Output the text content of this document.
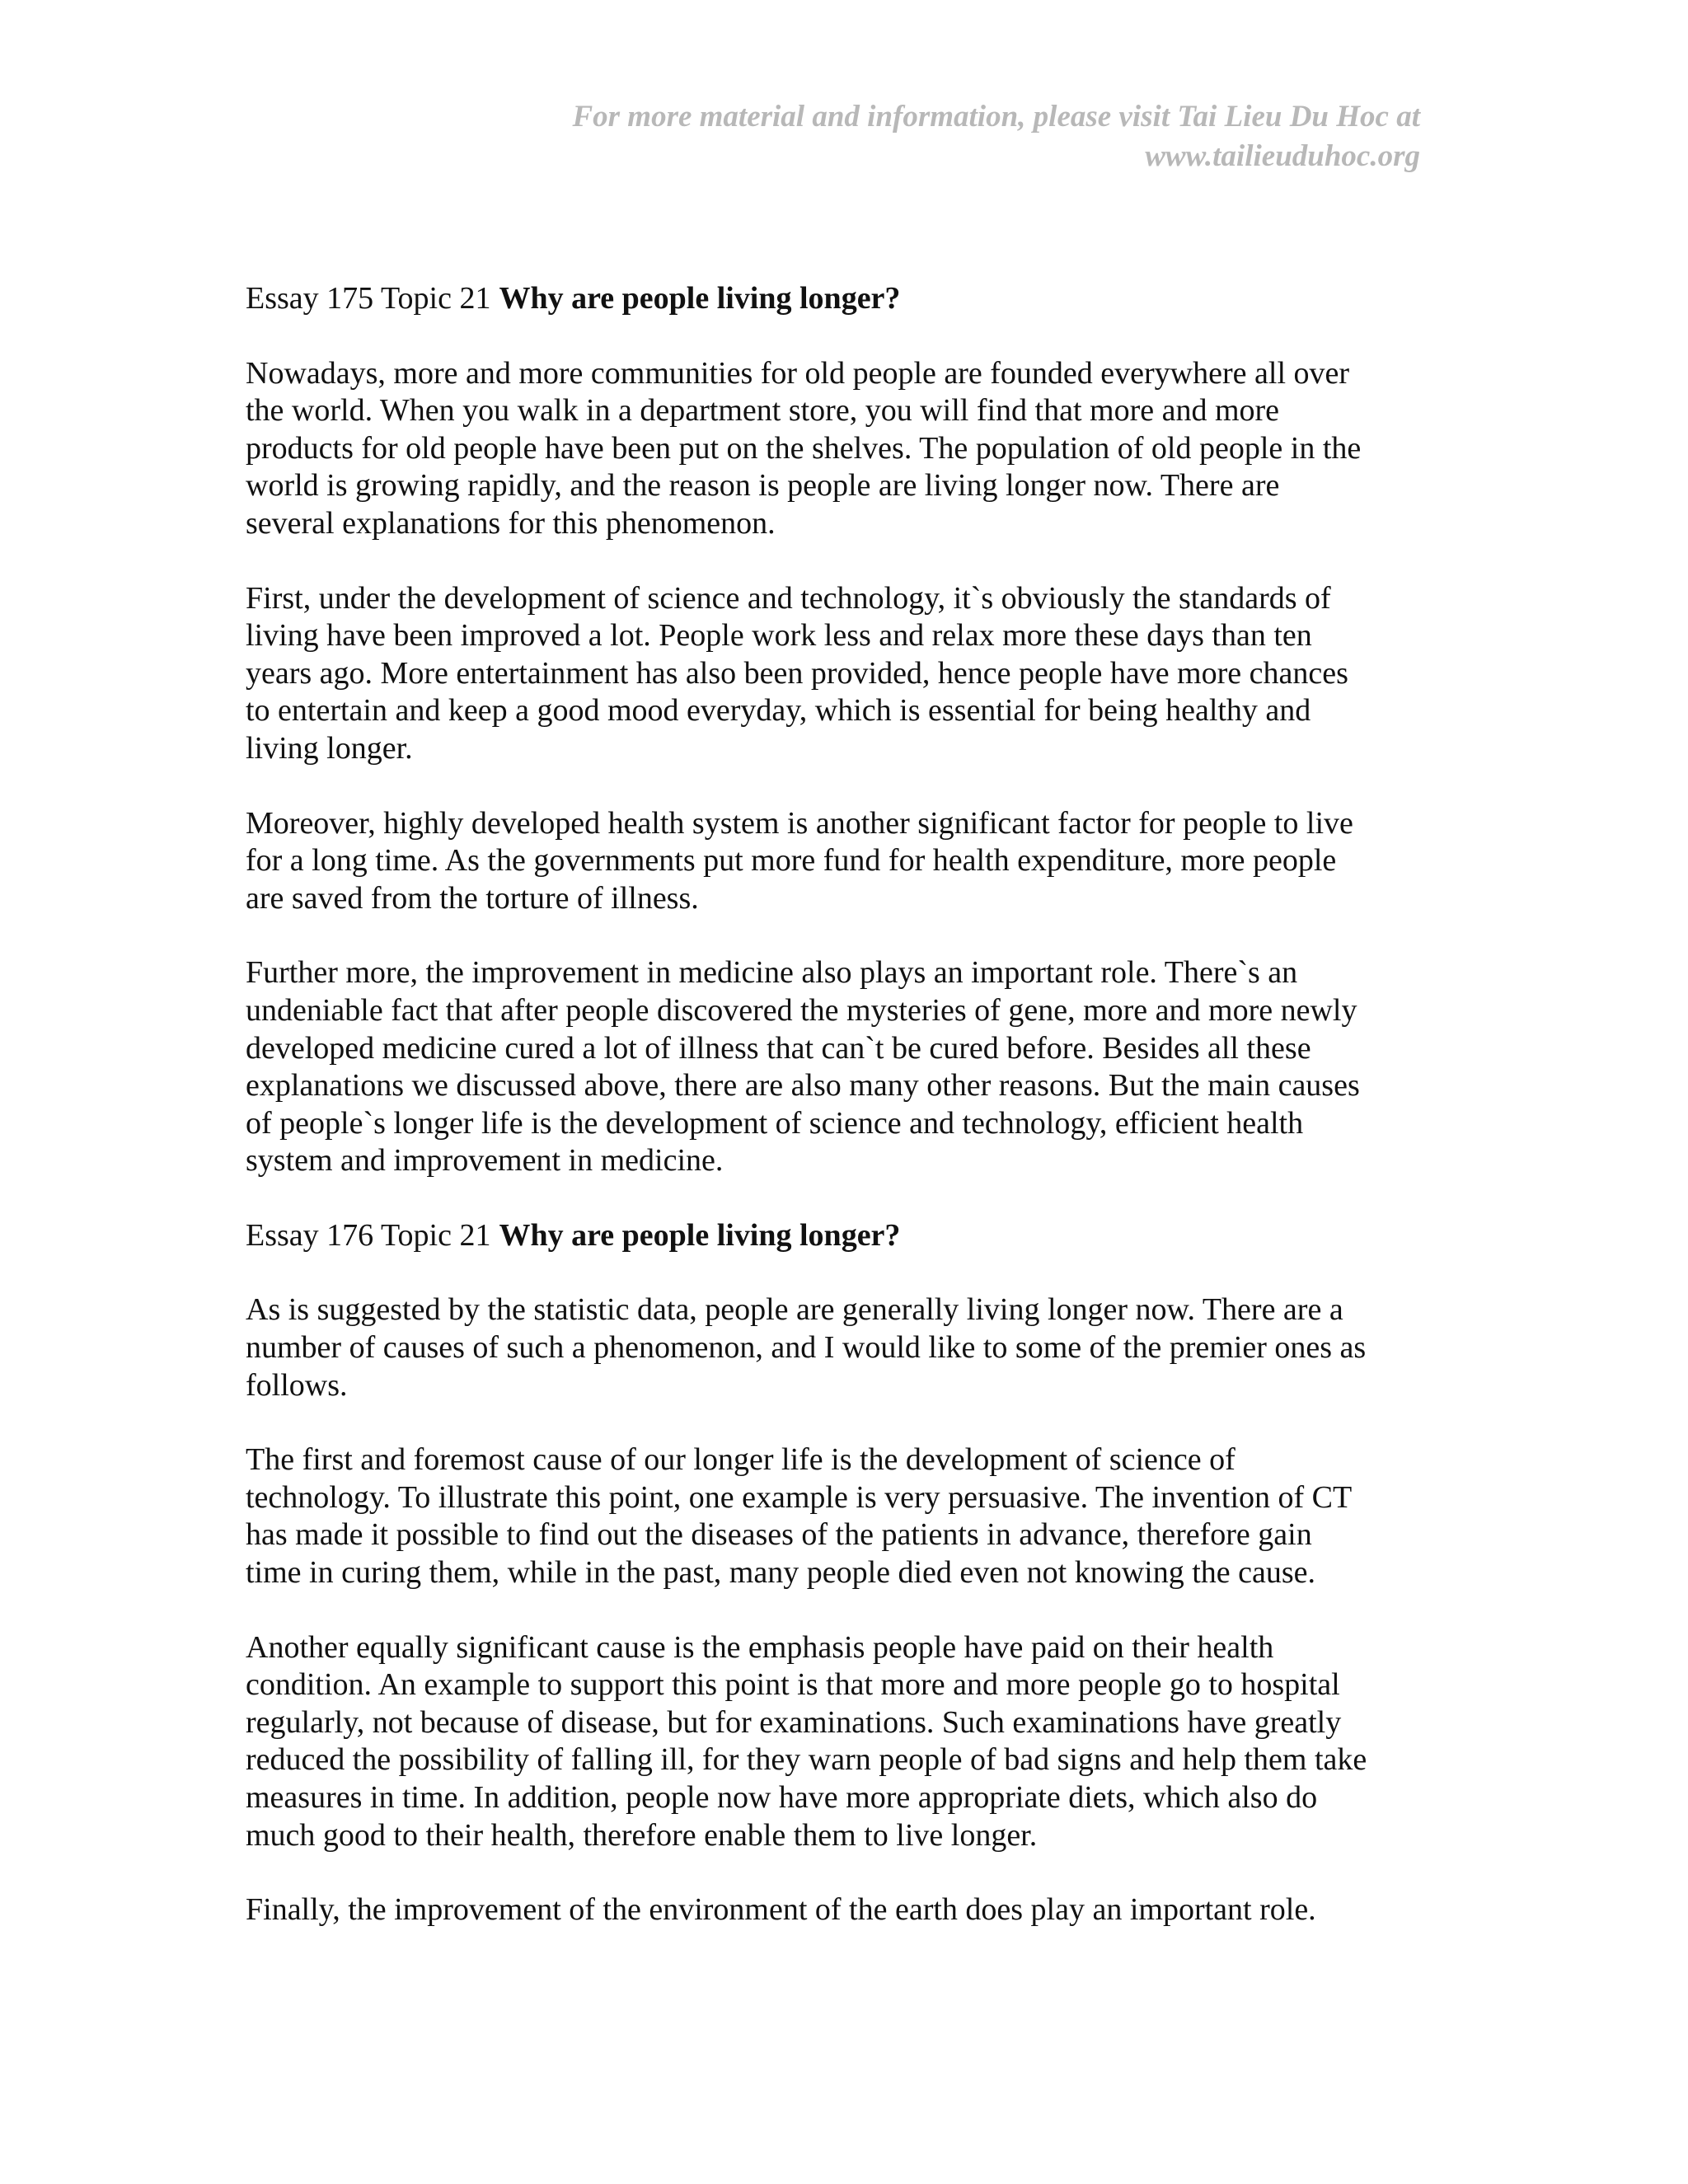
For more material and information, please visit Tai Lieu Du Hoc at
www.tailieuduhoc.org

Essay 175 Topic 21 Why are people living longer?

Nowadays, more and more communities for old people are founded everywhere all over
the world. When you walk in a department store, you will find that more and more
products for old people have been put on the shelves. The population of old people in the
world is growing rapidly, and the reason is people are living longer now. There are
several explanations for this phenomenon.

First, under the development of science and technology, it`s obviously the standards of
living have been improved a lot. People work less and relax more these days than ten
years ago. More entertainment has also been provided, hence people have more chances
to entertain and keep a good mood everyday, which is essential for being healthy and
living longer.

Moreover, highly developed health system is another significant factor for people to live
for a long time. As the governments put more fund for health expenditure, more people
are saved from the torture of illness.

Further more, the improvement in medicine also plays an important role. There`s an
undeniable fact that after people discovered the mysteries of gene, more and more newly
developed medicine cured a lot of illness that can`t be cured before. Besides all these
explanations we discussed above, there are also many other reasons. But the main causes
of people`s longer life is the development of science and technology, efficient health
system and improvement in medicine.

Essay 176 Topic 21 Why are people living longer?

As is suggested by the statistic data, people are generally living longer now. There are a
number of causes of such a phenomenon, and I would like to some of the premier ones as
follows.

The first and foremost cause of our longer life is the development of science of
technology. To illustrate this point, one example is very persuasive. The invention of CT
has made it possible to find out the diseases of the patients in advance, therefore gain
time in curing them, while in the past, many people died even not knowing the cause.

Another equally significant cause is the emphasis people have paid on their health
condition. An example to support this point is that more and more people go to hospital
regularly, not because of disease, but for examinations. Such examinations have greatly
reduced the possibility of falling ill, for they warn people of bad signs and help them take
measures in time. In addition, people now have more appropriate diets, which also do
much good to their health, therefore enable them to live longer.

Finally, the improvement of the environment of the earth does play an important role.
